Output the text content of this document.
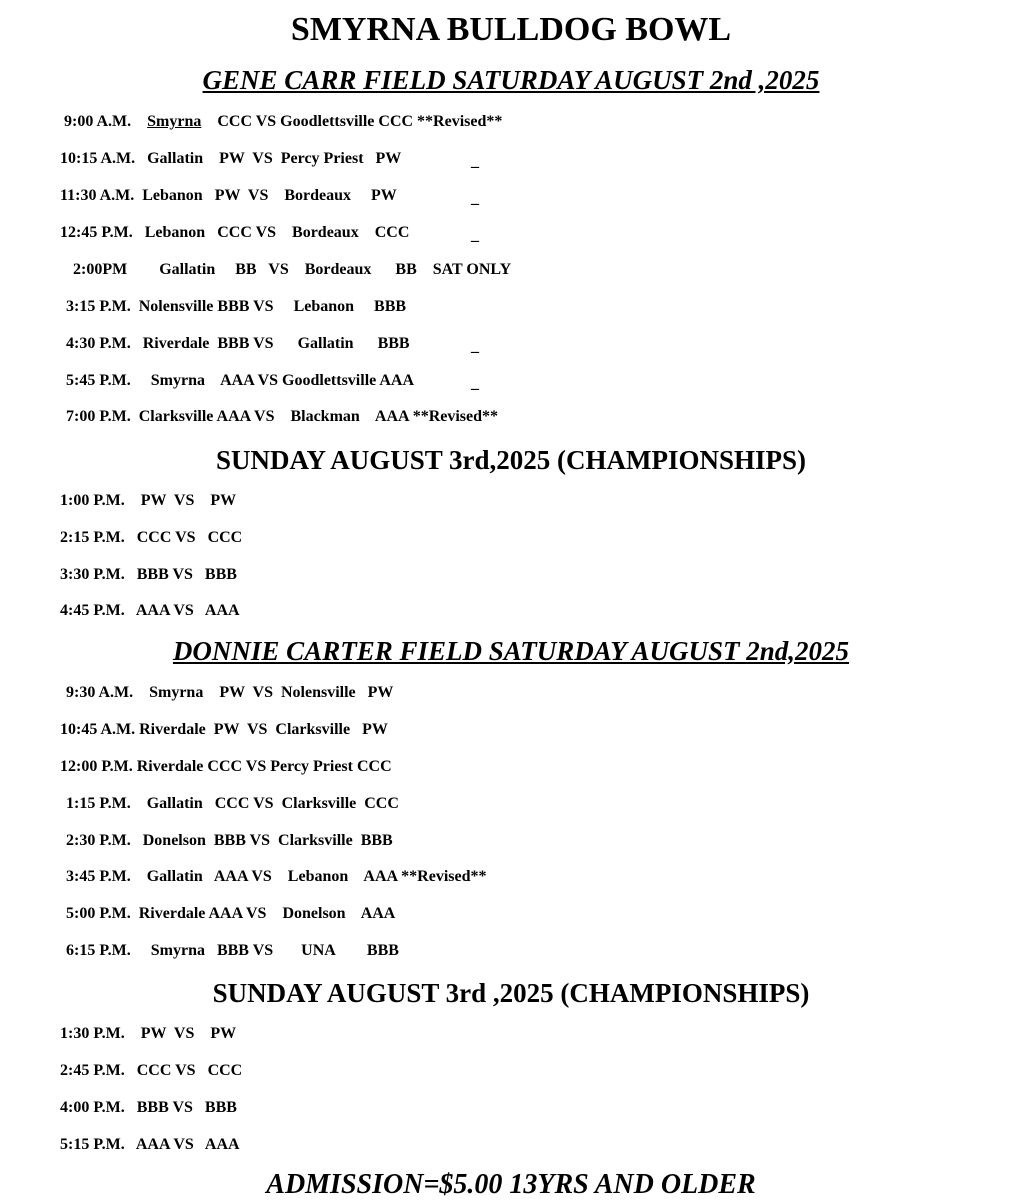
SMYRNA BULLDOG BOWL
GENE CARR FIELD SATURDAY AUGUST 2nd ,2025
9:00 A.M.    Smyrna    CCC VS Goodlettsville CCC **Revised**
10:15 A.M.   Gallatin    PW  VS  Percy Priest   PW
11:30 A.M.  Lebanon   PW  VS    Bordeaux     PW
12:45 P.M.   Lebanon   CCC VS    Bordeaux    CCC
2:00PM        Gallatin     BB   VS    Bordeaux      BB    SAT ONLY
3:15 P.M.  Nolensville BBB VS     Lebanon     BBB
4:30 P.M.   Riverdale  BBB VS      Gallatin      BBB
5:45 P.M.     Smyrna    AAA VS Goodlettsville AAA
7:00 P.M.  Clarksville AAA VS    Blackman    AAA **Revised**
_
_
_
_
_
SUNDAY AUGUST 3rd,2025 (CHAMPIONSHIPS)
1:00 P.M.    PW  VS    PW
2:15 P.M.   CCC VS   CCC
3:30 P.M.   BBB VS   BBB
4:45 P.M.   AAA VS   AAA
DONNIE CARTER FIELD SATURDAY AUGUST 2nd,2025
9:30 A.M.    Smyrna    PW  VS  Nolensville   PW
10:45 A.M. Riverdale  PW  VS  Clarksville   PW
12:00 P.M. Riverdale CCC VS Percy Priest CCC
1:15 P.M.    Gallatin   CCC VS  Clarksville  CCC
2:30 P.M.   Donelson  BBB VS  Clarksville  BBB
3:45 P.M.    Gallatin   AAA VS    Lebanon    AAA **Revised**
5:00 P.M.  Riverdale AAA VS    Donelson    AAA
6:15 P.M.     Smyrna   BBB VS       UNA        BBB
SUNDAY AUGUST 3rd ,2025 (CHAMPIONSHIPS)
1:30 P.M.    PW  VS    PW
2:45 P.M.   CCC VS   CCC
4:00 P.M.   BBB VS   BBB
5:15 P.M.   AAA VS   AAA
ADMISSION=$5.00 13YRS AND OLDER
